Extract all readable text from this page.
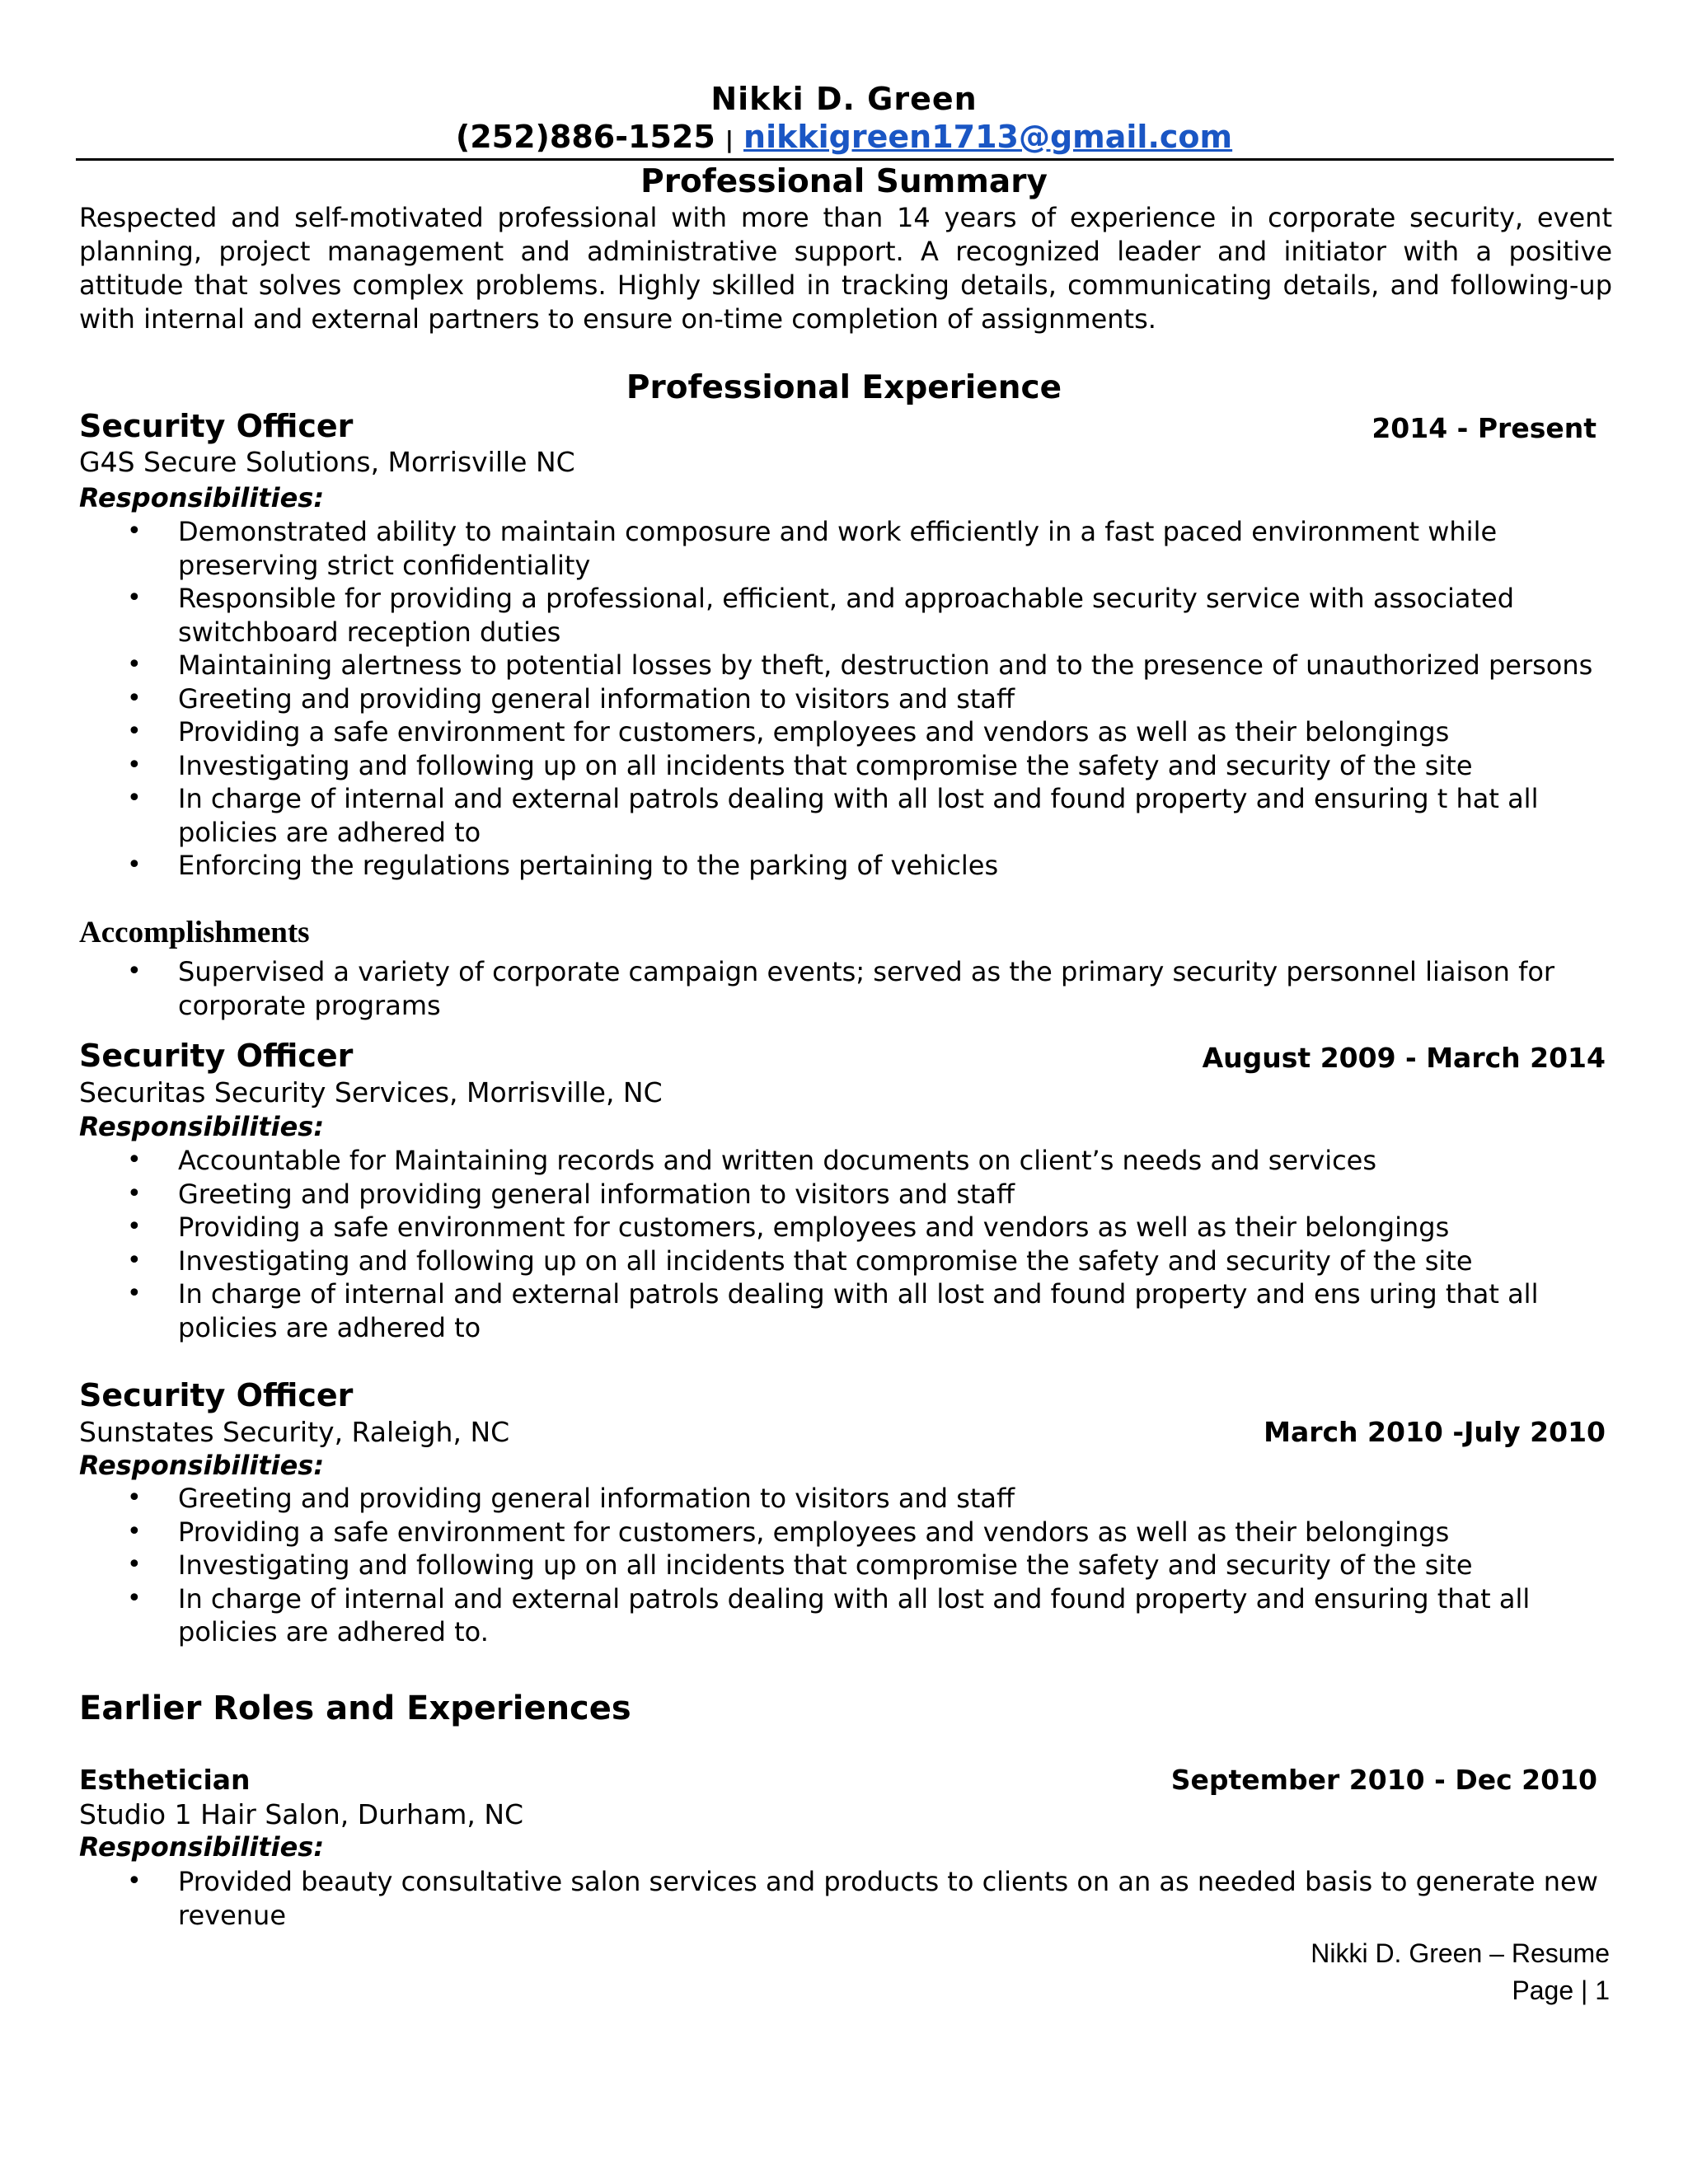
Nikki D. Green
(252)886-1525 | nikkigreen1713@gmail.com
Professional Summary
Respected and self-motivated professional with more than 14 years of experience in corporate security, event planning, project management and administrative support. A recognized leader and initiator with a positive attitude that solves complex problems. Highly skilled in tracking details, communicating details, and following-up with internal and external partners to ensure on-time completion of assignments.
Professional Experience
Security Officer	2014 - Present
G4S Secure Solutions, Morrisville NC
Responsibilities:
• Demonstrated ability to maintain composure and work efficiently in a fast paced environment while preserving strict confidentiality
• Responsible for providing a professional, efficient, and approachable security service with associated switchboard reception duties
• Maintaining alertness to potential losses by theft, destruction and to the presence of unauthorized persons
• Greeting and providing general information to visitors and staff
• Providing a safe environment for customers, employees and vendors as well as their belongings
• Investigating and following up on all incidents that compromise the safety and security of the site
• In charge of internal and external patrols dealing with all lost and found property and ensuring t hat all policies are adhered to
• Enforcing the regulations pertaining to the parking of vehicles
Accomplishments
• Supervised a variety of corporate campaign events; served as the primary security personnel liaison for corporate programs
Security Officer	August 2009 - March 2014
Securitas Security Services, Morrisville, NC
Responsibilities:
• Accountable for Maintaining records and written documents on client’s needs and services
• Greeting and providing general information to visitors and staff
• Providing a safe environment for customers, employees and vendors as well as their belongings
• Investigating and following up on all incidents that compromise the safety and security of the site
• In charge of internal and external patrols dealing with all lost and found property and ens uring that all policies are adhered to
Security Officer
Sunstates Security, Raleigh, NC	March 2010 -July 2010
Responsibilities:
• Greeting and providing general information to visitors and staff
• Providing a safe environment for customers, employees and vendors as well as their belongings
• Investigating and following up on all incidents that compromise the safety and security of the site
• In charge of internal and external patrols dealing with all lost and found property and ensuring that all policies are adhered to.
Earlier Roles and Experiences
Esthetician	September 2010 - Dec 2010
Studio 1 Hair Salon, Durham, NC
Responsibilities:
• Provided beauty consultative salon services and products to clients on an as needed basis to generate new revenue
Nikki D. Green – Resume
Page | 1
